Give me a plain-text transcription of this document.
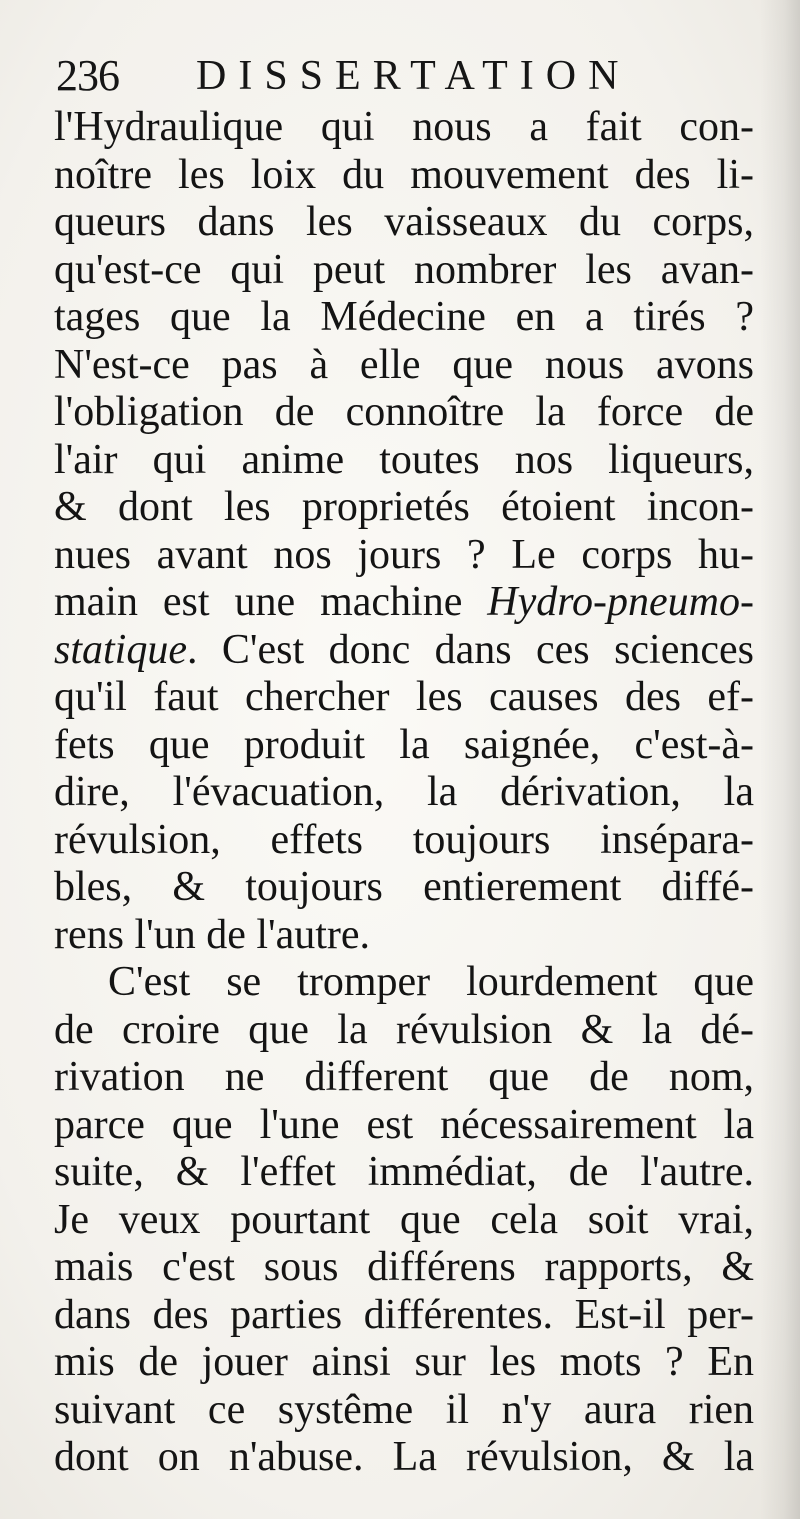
236 DISSERTATION
l'Hydraulique qui nous a fait con-
noître les loix du mouvement des li-
queurs dans les vaisseaux du corps,
qu'est-ce qui peut nombrer les avan-
tages que la Médecine en a tirés ?
N'est-ce pas à elle que nous avons
l'obligation de connoître la force de
l'air qui anime toutes nos liqueurs,
& dont les proprietés étoient incon-
nues avant nos jours ? Le corps hu-
main est une machine Hydro-pneumo-
statique. C'est donc dans ces sciences
qu'il faut chercher les causes des ef-
fets que produit la saignée, c'est-à-
dire, l'évacuation, la dérivation, la
révulsion, effets toujours insépara-
bles, & toujours entierement diffé-
rens l'un de l'autre.
C'est se tromper lourdement que
de croire que la révulsion & la dé-
rivation ne different que de nom,
parce que l'une est nécessairement la
suite, & l'effet immédiat, de l'autre.
Je veux pourtant que cela soit vrai,
mais c'est sous différens rapports, &
dans des parties différentes. Est-il per-
mis de jouer ainsi sur les mots ? En
suivant ce systême il n'y aura rien
dont on n'abuse. La révulsion, & la
